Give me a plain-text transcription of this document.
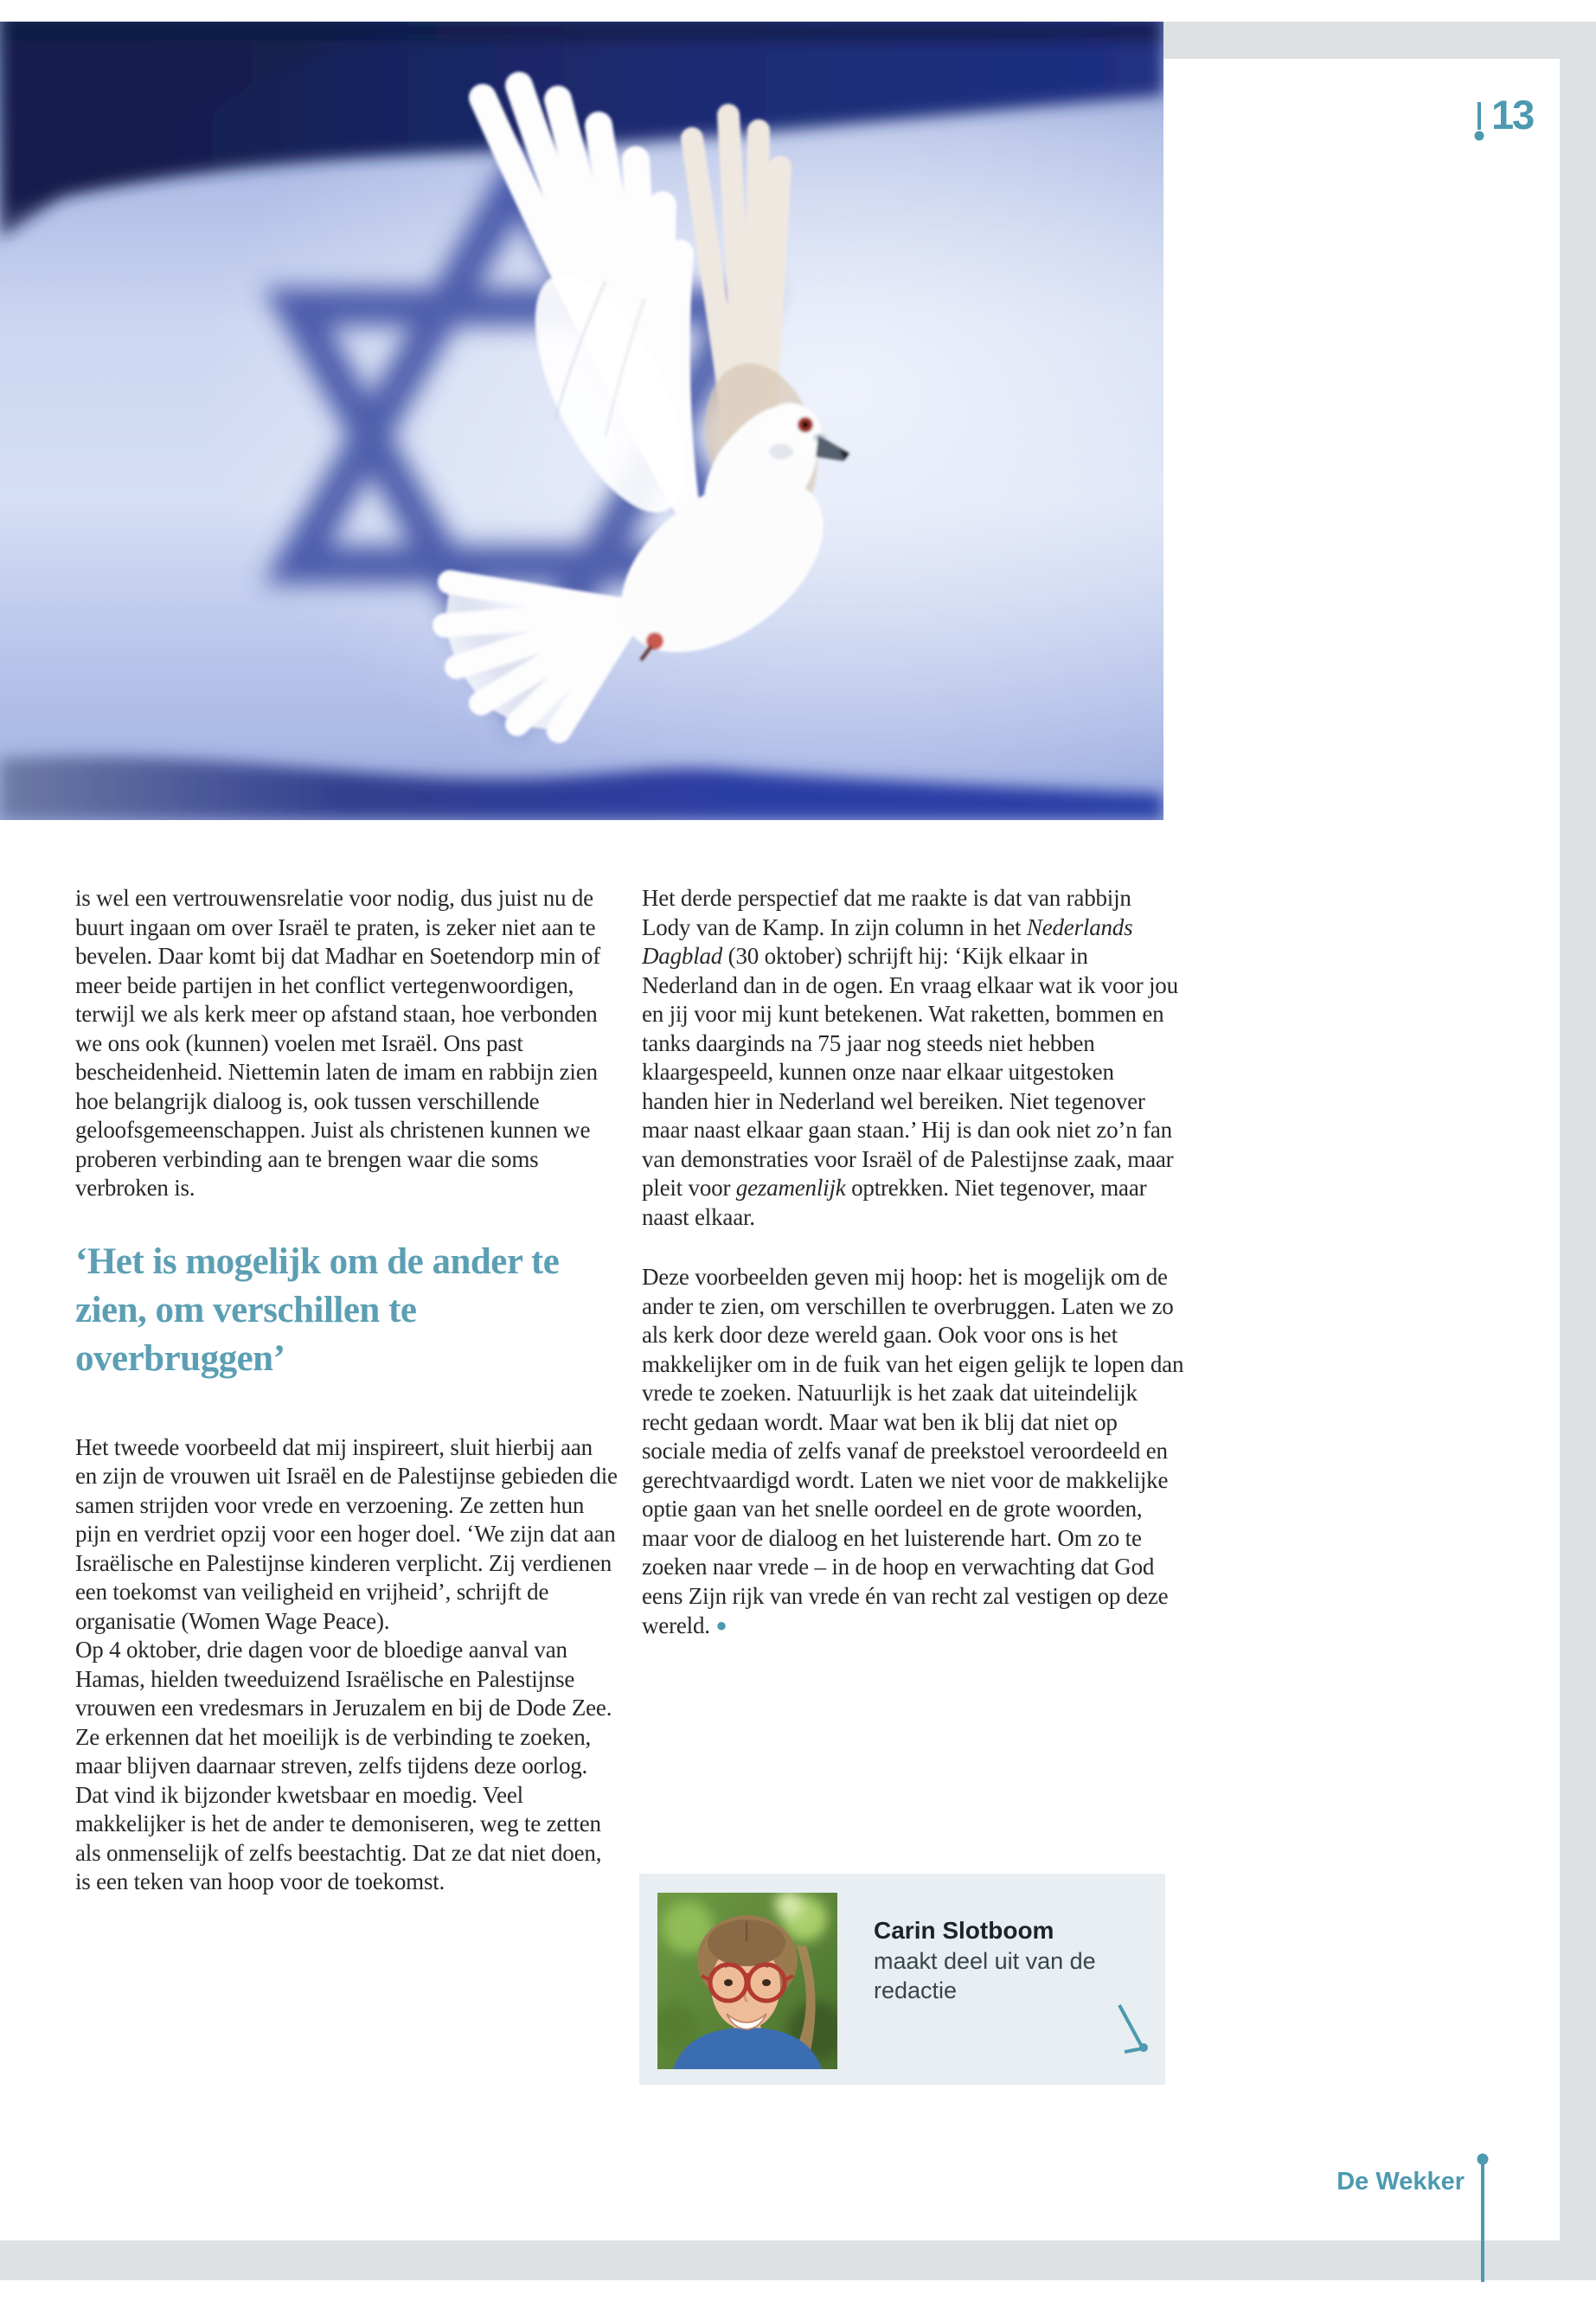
13

is wel een vertrouwensrelatie voor nodig, dus juist nu de buurt ingaan om over Israël te praten, is zeker niet aan te bevelen. Daar komt bij dat Madhar en Soetendorp min of meer beide partijen in het conflict vertegenwoordigen, terwijl we als kerk meer op afstand staan, hoe verbonden we ons ook (kunnen) voelen met Israël. Ons past bescheidenheid. Niettemin laten de imam en rabbijn zien hoe belangrijk dialoog is, ook tussen verschillende geloofsgemeenschappen. Juist als christenen kunnen we proberen verbinding aan te brengen waar die soms verbroken is.

‘Het is mogelijk om de ander te zien, om verschillen te overbruggen’

Het tweede voorbeeld dat mij inspireert, sluit hierbij aan en zijn de vrouwen uit Israël en de Palestijnse gebieden die samen strijden voor vrede en verzoening. Ze zetten hun pijn en verdriet opzij voor een hoger doel. ‘We zijn dat aan Israëlische en Palestijnse kinderen verplicht. Zij verdienen een toekomst van veiligheid en vrijheid’, schrijft de organisatie (Women Wage Peace).

Op 4 oktober, drie dagen voor de bloedige aanval van Hamas, hielden tweeduizend Israëlische en Palestijnse vrouwen een vredesmars in Jeruzalem en bij de Dode Zee. Ze erkennen dat het moeilijk is de verbinding te zoeken, maar blijven daarnaar streven, zelfs tijdens deze oorlog. Dat vind ik bijzonder kwetsbaar en moedig. Veel makkelijker is het de ander te demoniseren, weg te zetten als onmenselijk of zelfs beestachtig. Dat ze dat niet doen, is een teken van hoop voor de toekomst.

Het derde perspectief dat me raakte is dat van rabbijn Lody van de Kamp. In zijn column in het Nederlands Dagblad (30 oktober) schrijft hij: ‘Kijk elkaar in Nederland dan in de ogen. En vraag elkaar wat ik voor jou en jij voor mij kunt betekenen. Wat raketten, bommen en tanks daarginds na 75 jaar nog steeds niet hebben klaargespeeld, kunnen onze naar elkaar uitgestoken handen hier in Nederland wel bereiken. Niet tegenover maar naast elkaar gaan staan.’ Hij is dan ook niet zo’n fan van demonstraties voor Israël of de Palestijnse zaak, maar pleit voor gezamenlijk optrekken. Niet tegenover, maar naast elkaar.

Deze voorbeelden geven mij hoop: het is mogelijk om de ander te zien, om verschillen te overbruggen. Laten we zo als kerk door deze wereld gaan. Ook voor ons is het makkelijker om in de fuik van het eigen gelijk te lopen dan vrede te zoeken. Natuurlijk is het zaak dat uiteindelijk recht gedaan wordt. Maar wat ben ik blij dat niet op sociale media of zelfs vanaf de preekstoel veroordeeld en gerechtvaardigd wordt. Laten we niet voor de makkelijke optie gaan van het snelle oordeel en de grote woorden, maar voor de dialoog en het luisterende hart. Om zo te zoeken naar vrede – in de hoop en verwachting dat God eens Zijn rijk van vrede én van recht zal vestigen op deze wereld. ●

Carin Slotboom
maakt deel uit van de
redactie
De Wekker
